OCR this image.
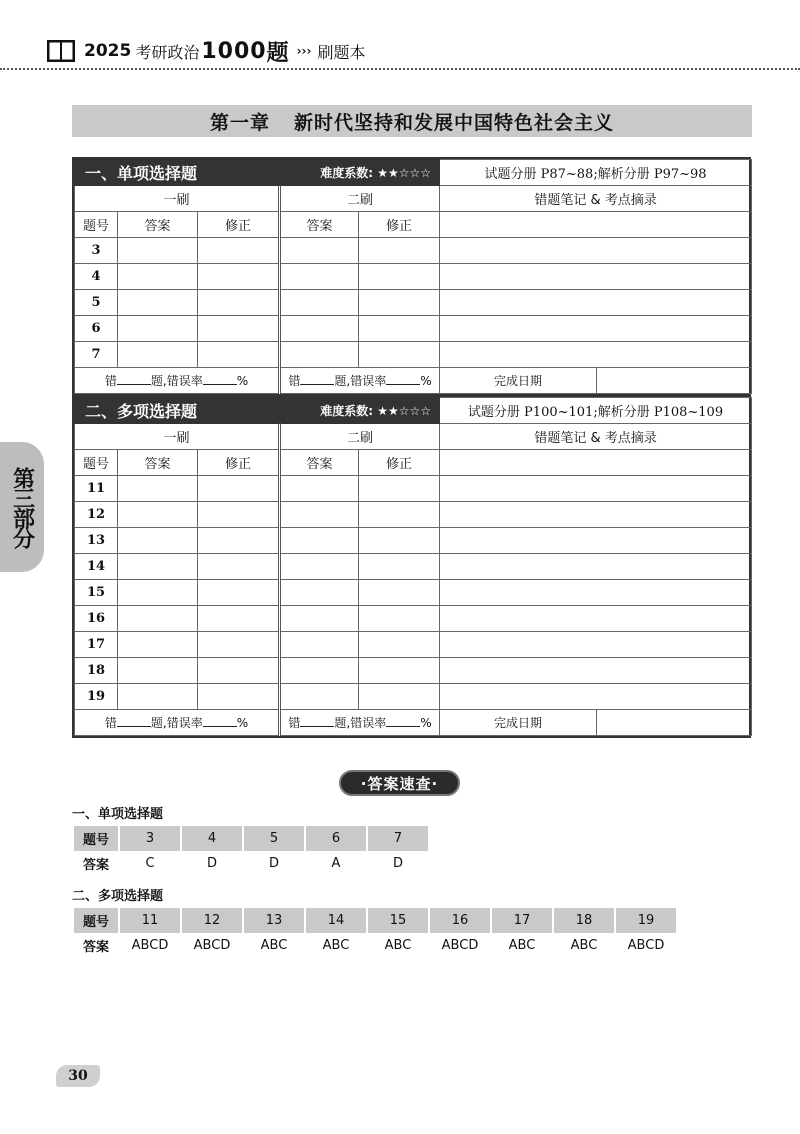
2025 考研政治 1000 题 ››› 刷题本
第一章 新时代坚持和发展中国特色社会主义
第三部分
一、单项选择题			难度系数: ★★☆☆☆		试题分册 P87~88;解析分册 P97~98	
一刷			二刷		错题笔记 & 考点摘录	
题号	答案	修正	答案	修正		
3						
4						
5						
6						
7						
错 题,错误率 %			错 题,错误率 %		完成日期	
二、多项选择题			难度系数: ★★☆☆☆		试题分册 P100~101;解析分册 P108~109	
一刷			二刷		错题笔记 & 考点摘录	
题号	答案	修正	答案	修正		
11						
12						
13						
14						
15						
16						
17						
18						
19						
错 题,错误率 %			错 题,错误率 %		完成日期	
·答案速查·
一、单项选择题
题号	3	4	5	6	7
答案	C	D	D	A	D
二、多项选择题
题号	11	12	13	14	15	16	17	18	19
答案	ABCD	ABCD	ABC	ABC	ABC	ABCD	ABC	ABC	ABCD
30
